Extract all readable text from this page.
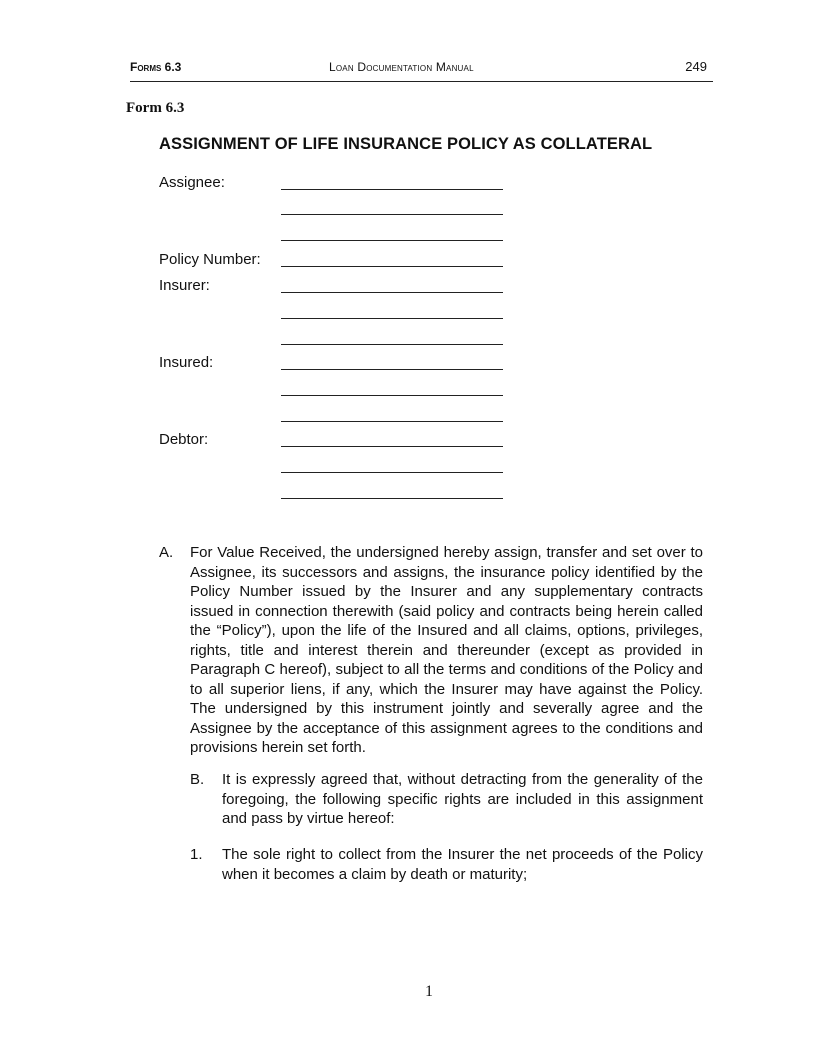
Forms 6.3	Loan Documentation Manual	249
Form 6.3
ASSIGNMENT OF LIFE INSURANCE POLICY AS COLLATERAL
Assignee:
Policy Number:
Insurer:
Insured:
Debtor:
A. For Value Received, the undersigned hereby assign, transfer and set over to Assignee, its successors and assigns, the insurance policy identified by the Policy Number issued by the Insurer and any supplementary contracts issued in connection therewith (said policy and contracts being herein called the “Policy”), upon the life of the Insured and all claims, options, privileges, rights, title and interest therein and thereunder (except as provided in Paragraph C hereof), subject to all the terms and conditions of the Policy and to all superior liens, if any, which the Insurer may have against the Policy. The undersigned by this instrument jointly and severally agree and the Assignee by the acceptance of this assignment agrees to the conditions and provisions herein set forth.
B. It is expressly agreed that, without detracting from the generality of the foregoing, the following specific rights are included in this assignment and pass by virtue hereof:
1. The sole right to collect from the Insurer the net proceeds of the Policy when it becomes a claim by death or maturity;
1
